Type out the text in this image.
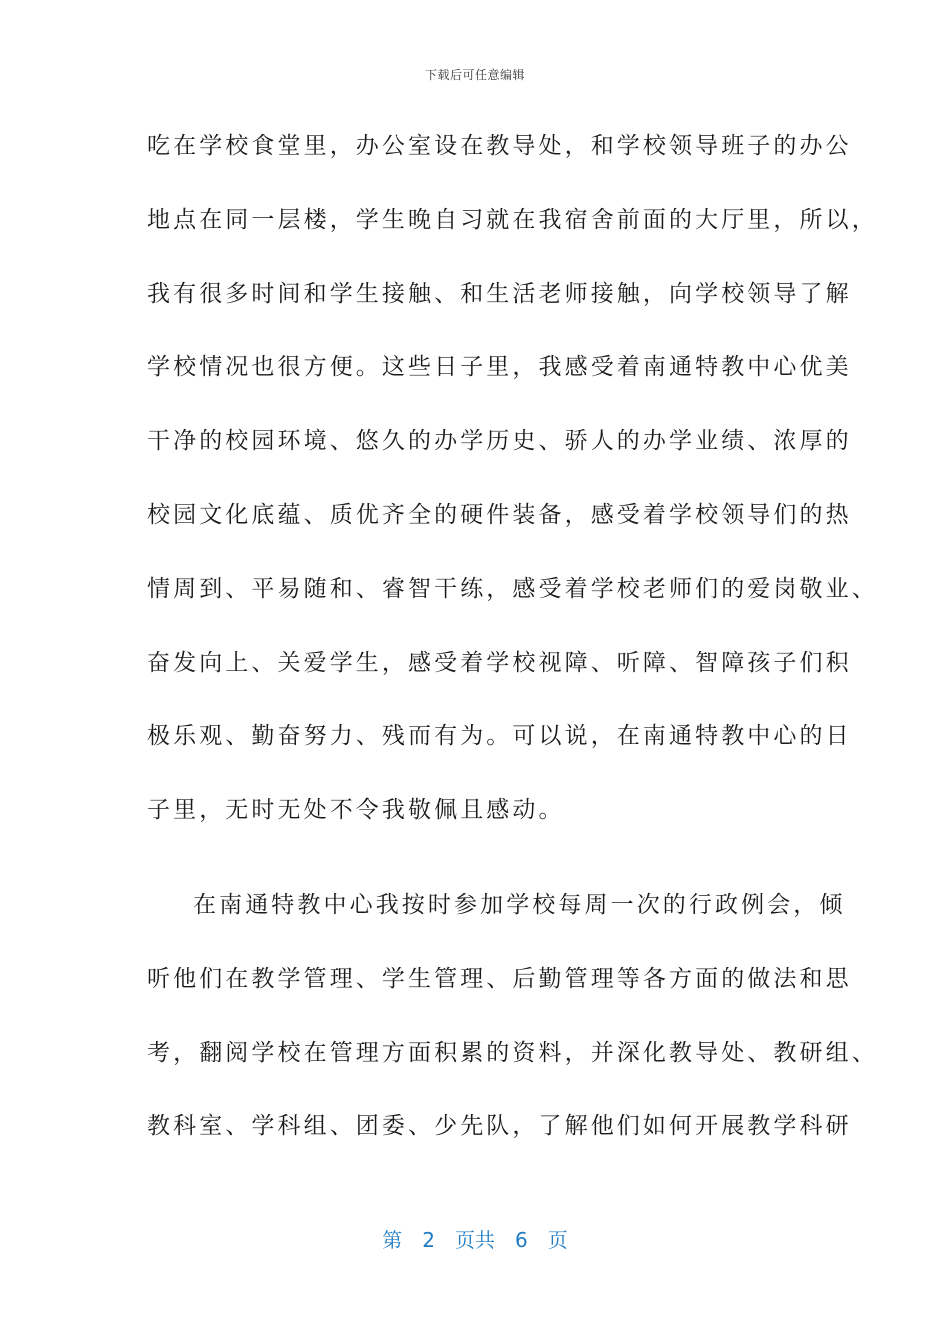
下载后可任意编辑
吃在学校食堂里，办公室设在教导处，和学校领导班子的办公
地点在同一层楼，学生晚自习就在我宿舍前面的大厅里，所以，
我有很多时间和学生接触、和生活老师接触，向学校领导了解
学校情况也很方便。这些日子里，我感受着南通特教中心优美
干净的校园环境、悠久的办学历史、骄人的办学业绩、浓厚的
校园文化底蕴、质优齐全的硬件装备，感受着学校领导们的热
情周到、平易随和、睿智干练，感受着学校老师们的爱岗敬业、
奋发向上、关爱学生，感受着学校视障、听障、智障孩子们积
极乐观、勤奋努力、残而有为。可以说，在南通特教中心的日
子里，无时无处不令我敬佩且感动。
在南通特教中心我按时参加学校每周一次的行政例会，倾
听他们在教学管理、学生管理、后勤管理等各方面的做法和思
考，翻阅学校在管理方面积累的资料，并深化教导处、教研组、
教科室、学科组、团委、少先队，了解他们如何开展教学科研
第 2 页共 6 页
